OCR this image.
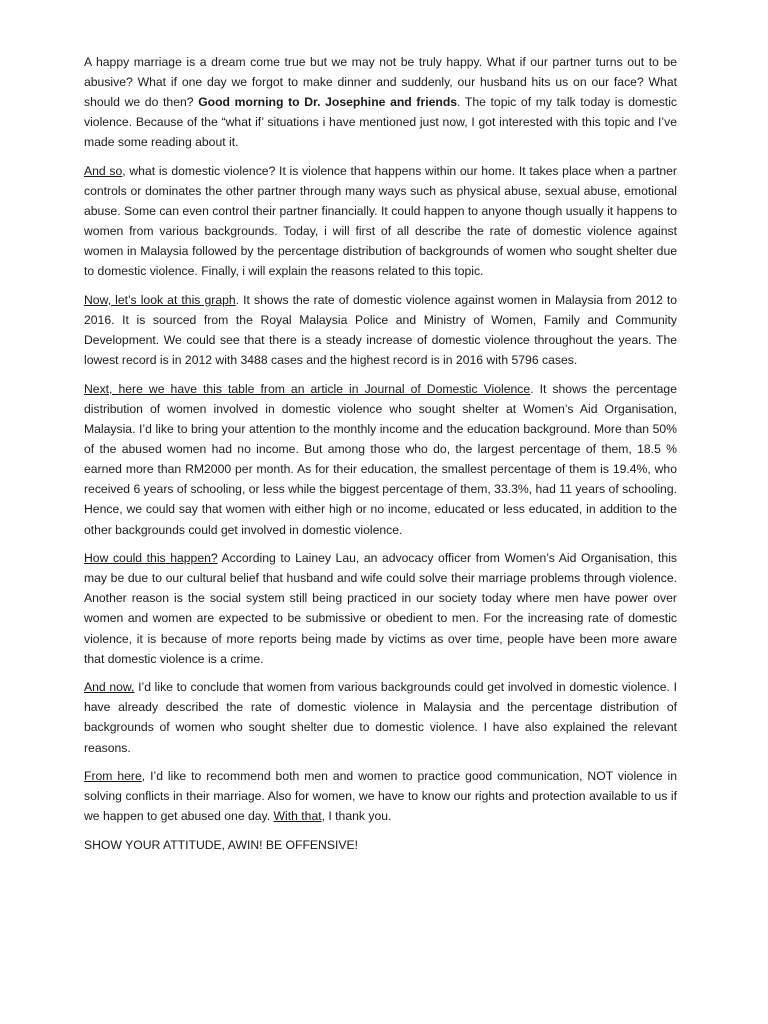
A happy marriage is a dream come true but we may not be truly happy. What if our partner turns out to be abusive? What if one day we forgot to make dinner and suddenly, our husband hits us on our face? What should we do then? Good morning to Dr. Josephine and friends. The topic of my talk today is domestic violence. Because of the “what if’ situations i have mentioned just now, I got interested with this topic and I’ve made some reading about it.

And so, what is domestic violence? It is violence that happens within our home. It takes place when a partner controls or dominates the other partner through many ways such as physical abuse, sexual abuse, emotional abuse. Some can even control their partner financially. It could happen to anyone though usually it happens to women from various backgrounds. Today, i will first of all describe the rate of domestic violence against women in Malaysia followed by the percentage distribution of backgrounds of women who sought shelter due to domestic violence. Finally, i will explain the reasons related to this topic.

Now, let’s look at this graph. It shows the rate of domestic violence against women in Malaysia from 2012 to 2016. It is sourced from the Royal Malaysia Police and Ministry of Women, Family and Community Development. We could see that there is a steady increase of domestic violence throughout the years. The lowest record is in 2012 with 3488 cases and the highest record is in 2016 with 5796 cases.

Next, here we have this table from an article in Journal of Domestic Violence. It shows the percentage distribution of women involved in domestic violence who sought shelter at Women’s Aid Organisation, Malaysia. I’d like to bring your attention to the monthly income and the education background. More than 50% of the abused women had no income. But among those who do, the largest percentage of them, 18.5 % earned more than RM2000 per month. As for their education, the smallest percentage of them is 19.4%, who received 6 years of schooling, or less while the biggest percentage of them, 33.3%, had 11 years of schooling. Hence, we could say that women with either high or no income, educated or less educated, in addition to the other backgrounds could get involved in domestic violence.

How could this happen? According to Lainey Lau, an advocacy officer from Women’s Aid Organisation, this may be due to our cultural belief that husband and wife could solve their marriage problems through violence. Another reason is the social system still being practiced in our society today where men have power over women and women are expected to be submissive or obedient to men. For the increasing rate of domestic violence, it is because of more reports being made by victims as over time, people have been more aware that domestic violence is a crime.

And now, I’d like to conclude that women from various backgrounds could get involved in domestic violence. I have already described the rate of domestic violence in Malaysia and the percentage distribution of backgrounds of women who sought shelter due to domestic violence. I have also explained the relevant reasons.

From here, I’d like to recommend both men and women to practice good communication, NOT violence in solving conflicts in their marriage. Also for women, we have to know our rights and protection available to us if we happen to get abused one day. With that, I thank you.

SHOW YOUR ATTITUDE, AWIN! BE OFFENSIVE!
